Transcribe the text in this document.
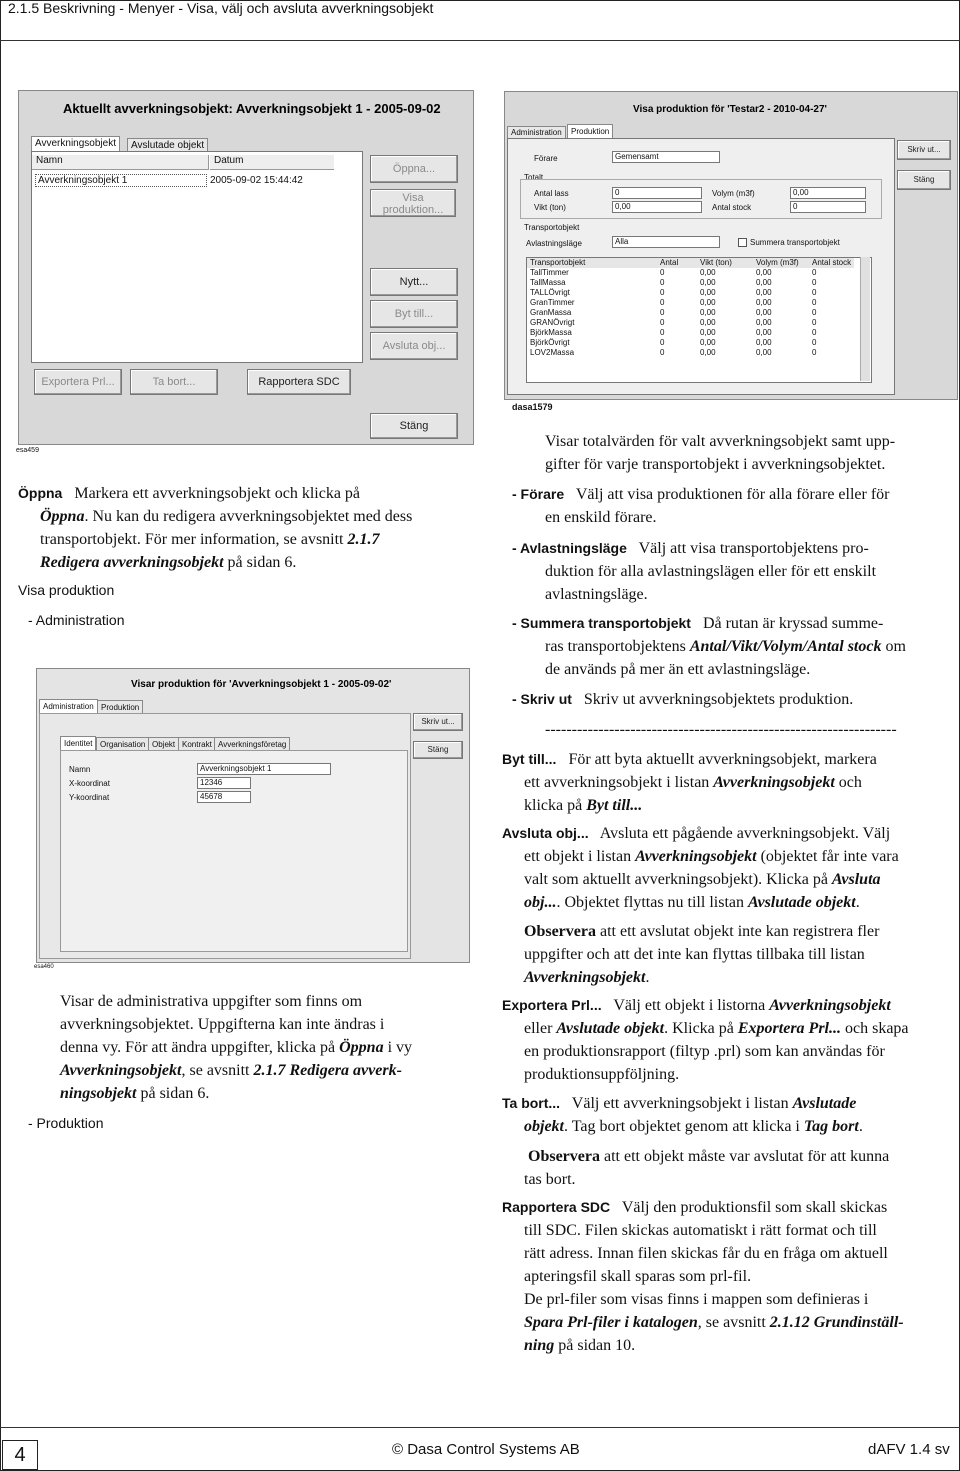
2.1.5 Beskrivning - Menyer - Visa, välj och avsluta avverkningsobjekt
Aktuellt avverkningsobjekt: Avverkningsobjekt 1 - 2005-09-02
Avverkningsobjekt	Avslutade objekt
Namn	Datum
Avverkningsobjekt 1	2005-09-02 15:44:42
Öppna...
Visa
produktion...
Nytt...
Byt till...
Avsluta obj...
Exportera Prl...	Ta bort...	Rapportera SDC
Stäng
esa459
Visa produktion för 'Testar2 - 2010-04-27'
Administration	Produktion
Förare	Gemensamt
Totalt
Antal lass	0	Volym (m3f)	0,00
Vikt (ton)	0,00	Antal stock	0
Transportobjekt
Avlastningsläge	Alla	Summera transportobjekt
Transportobjekt	Antal	Vikt (ton)	Volym (m3f)	Antal stock
TallTimmer	0	0,00	0,00	0
TallMassa	0	0,00	0,00	0
TALLÖvrigt	0	0,00	0,00	0
GranTimmer	0	0,00	0,00	0
GranMassa	0	0,00	0,00	0
GRANÖvrigt	0	0,00	0,00	0
BjörkMassa	0	0,00	0,00	0
BjörkÖvrigt	0	0,00	0,00	0
LOV2Massa	0	0,00	0,00	0
Skriv ut...
Stäng
dasa1579
Visar produktion för 'Avverkningsobjekt 1 - 2005-09-02'
Administration Produktion
Identitet Organisation Objekt Kontrakt Avverkningsföretag
Namn	Avverkningsobjekt 1
X-koordinat	12346
Y-koordinat	45678
Skriv ut...
Stäng
esa460
Öppna Markera ett avverkningsobjekt och klicka på
Öppna. Nu kan du redigera avverkningsobjektet med dess
transportobjekt. För mer information, se avsnitt 2.1.7
Redigera avverkningsobjekt på sidan 6.
Visa produktion
- Administration
Visar de administrativa uppgifter som finns om
avverkningsobjektet. Uppgifterna kan inte ändras i
denna vy. För att ändra uppgifter, klicka på Öppna i vy
Avverkningsobjekt, se avsnitt 2.1.7 Redigera avverk-
ningsobjekt på sidan 6.
- Produktion
Visar totalvärden för valt avverkningsobjekt samt upp-
gifter för varje transportobjekt i avverkningsobjektet.
- Förare Välj att visa produktionen för alla förare eller för
en enskild förare.
- Avlastningsläge Välj att visa transportobjektens pro-
duktion för alla avlastningslägen eller för ett enskilt
avlastningsläge.
- Summera transportobjekt Då rutan är kryssad summe-
ras transportobjektens Antal/Vikt/Volym/Antal stock om
de används på mer än ett avlastningsläge.
- Skriv ut Skriv ut avverkningsobjektets produktion.
------------------------------------------------------------------
Byt till... För att byta aktuellt avverkningsobjekt, markera
ett avverkningsobjekt i listan Avverkningsobjekt och
klicka på Byt till...
Avsluta obj... Avsluta ett pågående avverkningsobjekt. Välj
ett objekt i listan Avverkningsobjekt (objektet får inte vara
valt som aktuellt avverkningsobjekt). Klicka på Avsluta
obj.... Objektet flyttas nu till listan Avslutade objekt.
Observera att ett avslutat objekt inte kan registrera fler
uppgifter och att det inte kan flyttas tillbaka till listan
Avverkningsobjekt.
Exportera Prl... Välj ett objekt i listorna Avverkningsobjekt
eller Avslutade objekt. Klicka på Exportera Prl... och skapa
en produktionsrapport (filtyp .prl) som kan användas för
produktionsuppföljning.
Ta bort... Välj ett avverkningsobjekt i listan Avslutade
objekt. Tag bort objektet genom att klicka i Tag bort.
Observera att ett objekt måste var avslutat för att kunna
tas bort.
Rapportera SDC Välj den produktionsfil som skall skickas
till SDC. Filen skickas automatiskt i rätt format och till
rätt adress. Innan filen skickas får du en fråga om aktuell
apteringsfil skall sparas som prl-fil.
De prl-filer som visas finns i mappen som definieras i
Spara Prl-filer i katalogen, se avsnitt 2.1.12 Grundinställ-
ning på sidan 10.
4	© Dasa Control Systems AB	dAFV 1.4 sv
